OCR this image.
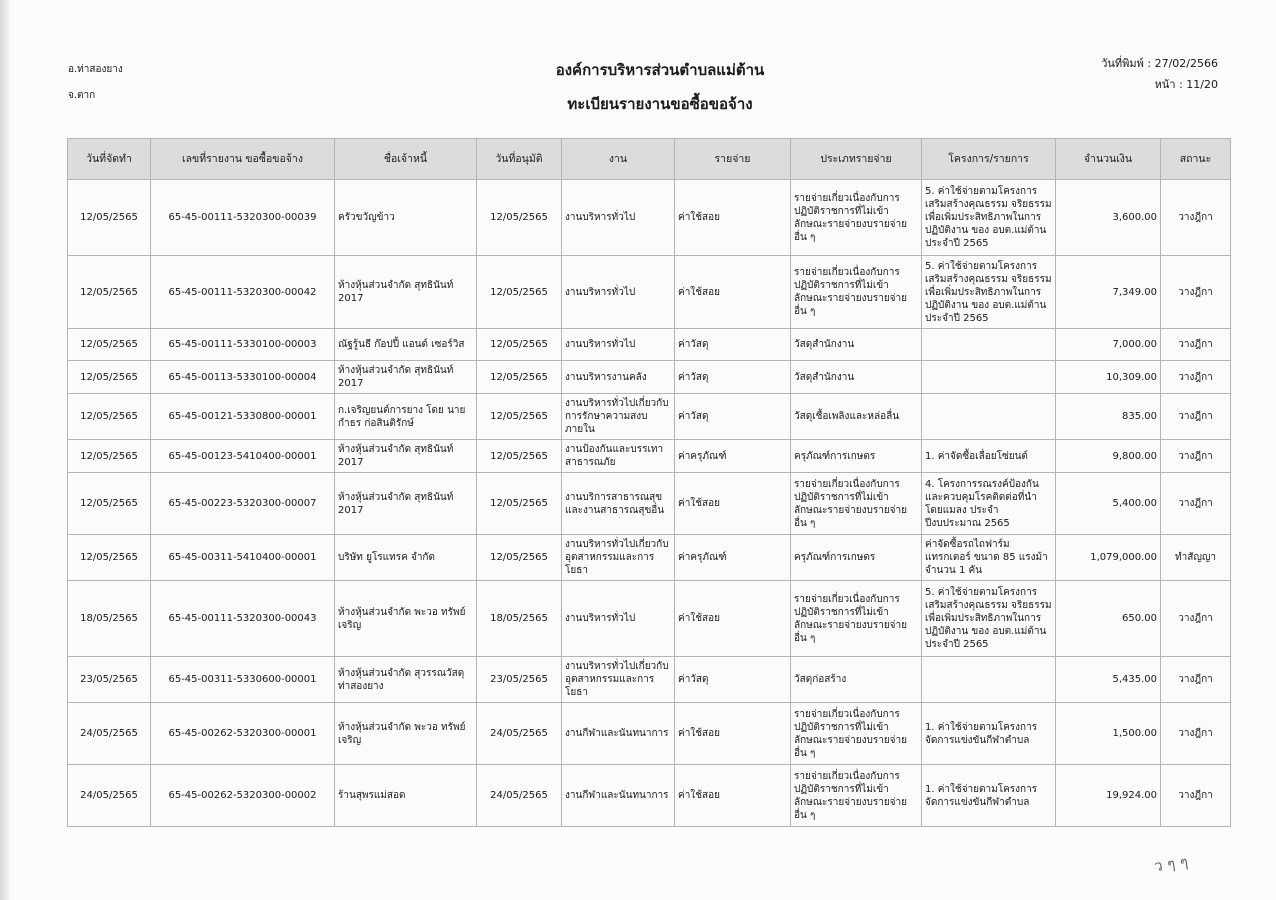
อ.ท่าสองยาง
จ.ตาก
องค์การบริหารส่วนตำบลแม่ต้าน
ทะเบียนรายงานขอซื้อขอจ้าง
วันที่พิมพ์ : 27/02/2566
หน้า : 11/20
วันที่จัดทำ	เลขที่รายงาน ขอซื้อขอจ้าง	ชื่อเจ้าหนี้	วันที่อนุมัติ	งาน	รายจ่าย	ประเภทรายจ่าย	โครงการ/รายการ	จำนวนเงิน	สถานะ
12/05/2565	65-45-00111-5320300-00039	ครัวขวัญข้าว	12/05/2565	งานบริหารทั่วไป	ค่าใช้สอย	รายจ่ายเกี่ยวเนื่องกับการปฏิบัติราชการที่ไม่เข้าลักษณะรายจ่ายงบรายจ่ายอื่น ๆ	5. ค่าใช้จ่ายตามโครงการเสริมสร้างคุณธรรม จริยธรรม เพื่อเพิ่มประสิทธิภาพในการปฏิบัติงาน ของ อบต.แม่ต้าน ประจำปี 2565	3,600.00	วางฎีกา
12/05/2565	65-45-00111-5320300-00042	ห้างหุ้นส่วนจำกัด สุทธินันท์ 2017	12/05/2565	งานบริหารทั่วไป	ค่าใช้สอย	รายจ่ายเกี่ยวเนื่องกับการปฏิบัติราชการที่ไม่เข้าลักษณะรายจ่ายงบรายจ่ายอื่น ๆ	5. ค่าใช้จ่ายตามโครงการเสริมสร้างคุณธรรม จริยธรรม เพื่อเพิ่มประสิทธิภาพในการปฏิบัติงาน ของ อบต.แม่ต้าน ประจำปี 2565	7,349.00	วางฎีกา
12/05/2565	65-45-00111-5330100-00003	ณัฐรู้นธี ก๊อปปี้ แอนด์ เซอร์วิส	12/05/2565	งานบริหารทั่วไป	ค่าวัสดุ	วัสดุสำนักงาน		7,000.00	วางฎีกา
12/05/2565	65-45-00113-5330100-00004	ห้างหุ้นส่วนจำกัด สุทธินันท์ 2017	12/05/2565	งานบริหารงานคลัง	ค่าวัสดุ	วัสดุสำนักงาน		10,309.00	วางฎีกา
12/05/2565	65-45-00121-5330800-00001	ก.เจริญยนต์การยาง โดย นายกำธร ก่อสินติรักษ์	12/05/2565	งานบริหารทั่วไปเกี่ยวกับการรักษาความสงบภายใน	ค่าวัสดุ	วัสดุเชื้อเพลิงและหล่อลื่น		835.00	วางฎีกา
12/05/2565	65-45-00123-5410400-00001	ห้างหุ้นส่วนจำกัด สุทธินันท์ 2017	12/05/2565	งานป้องกันและบรรเทาสาธารณภัย	ค่าครุภัณฑ์	ครุภัณฑ์การเกษตร	1. ค่าจัดซื้อเลื่อยโซ่ยนต์	9,800.00	วางฎีกา
12/05/2565	65-45-00223-5320300-00007	ห้างหุ้นส่วนจำกัด สุทธินันท์ 2017	12/05/2565	งานบริการสาธารณสุขและงานสาธารณสุขอื่น	ค่าใช้สอย	รายจ่ายเกี่ยวเนื่องกับการปฏิบัติราชการที่ไม่เข้าลักษณะรายจ่ายงบรายจ่ายอื่น ๆ	4. โครงการรณรงค์ป้องกันและควบคุมโรคติดต่อที่นำโดยแมลง ประจำปีงบประมาณ 2565	5,400.00	วางฎีกา
12/05/2565	65-45-00311-5410400-00001	บริษัท ยูโรแทรค จำกัด	12/05/2565	งานบริหารทั่วไปเกี่ยวกับอุตสาหกรรมและการโยธา	ค่าครุภัณฑ์	ครุภัณฑ์การเกษตร	ค่าจัดซื้อรถไถฟาร์มแทรกเตอร์ ขนาด 85 แรงม้า จำนวน 1 คัน	1,079,000.00	ทำสัญญา
18/05/2565	65-45-00111-5320300-00043	ห้างหุ้นส่วนจำกัด พะวอ ทรัพย์เจริญ	18/05/2565	งานบริหารทั่วไป	ค่าใช้สอย	รายจ่ายเกี่ยวเนื่องกับการปฏิบัติราชการที่ไม่เข้าลักษณะรายจ่ายงบรายจ่ายอื่น ๆ	5. ค่าใช้จ่ายตามโครงการเสริมสร้างคุณธรรม จริยธรรม เพื่อเพิ่มประสิทธิภาพในการปฏิบัติงาน ของ อบต.แม่ต้าน ประจำปี 2565	650.00	วางฎีกา
23/05/2565	65-45-00311-5330600-00001	ห้างหุ้นส่วนจำกัด สุวรรณวัสดุท่าสองยาง	23/05/2565	งานบริหารทั่วไปเกี่ยวกับอุตสาหกรรมและการโยธา	ค่าวัสดุ	วัสดุก่อสร้าง		5,435.00	วางฎีกา
24/05/2565	65-45-00262-5320300-00001	ห้างหุ้นส่วนจำกัด พะวอ ทรัพย์เจริญ	24/05/2565	งานกีฬาและนันทนาการ	ค่าใช้สอย	รายจ่ายเกี่ยวเนื่องกับการปฏิบัติราชการที่ไม่เข้าลักษณะรายจ่ายงบรายจ่ายอื่น ๆ	1. ค่าใช้จ่ายตามโครงการจัดการแข่งขันกีฬาตำบล	1,500.00	วางฎีกา
24/05/2565	65-45-00262-5320300-00002	ร้านสุพรแม่สอด	24/05/2565	งานกีฬาและนันทนาการ	ค่าใช้สอย	รายจ่ายเกี่ยวเนื่องกับการปฏิบัติราชการที่ไม่เข้าลักษณะรายจ่ายงบรายจ่ายอื่น ๆ	1. ค่าใช้จ่ายตามโครงการจัดการแข่งขันกีฬาตำบล	19,924.00	วางฎีกา
ว ๆ ๆ
